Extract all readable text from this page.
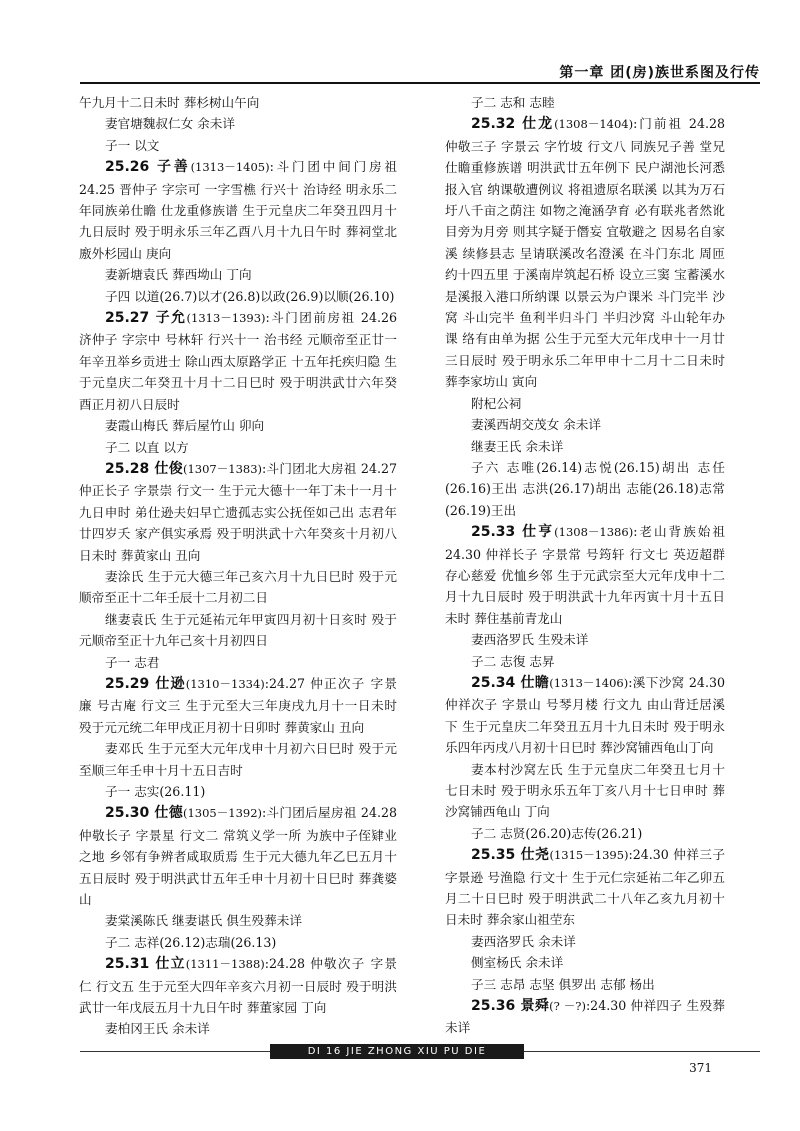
第一章 团(房)族世系图及行传

午九月十二日未时 葬杉树山午向

妻官塘魏叔仁女 余未详

子一 以文

25.26 子善(1313－1405):斗门团中间门房祖 24.25 晋仲子 字宗可 一字雪樵 行兴十 治诗经 明永乐二年同族弟仕瞻 仕龙重修族谱 生于元皇庆二年癸丑四月十九日辰时 殁于明永乐三年乙酉八月十九日午时 葬祠堂北廒外杉园山 庚向

妻新塘袁氏 葬西坳山 丁向

子四 以道(26.7)以才(26.8)以政(26.9)以顺(26.10)

25.27 子允(1313－1393):斗门团前房祖 24.26 济仲子 字宗中 号林轩 行兴十一 治书经 元顺帝至正廿一年辛丑举乡贡进士 除山西太原路学正 十五年托疾归隐 生于元皇庆二年癸丑十月十二日巳时 殁于明洪武廿六年癸酉正月初八日辰时

妻霞山梅氏 葬后屋竹山 卯向

子二 以直 以方

25.28 仕俊(1307－1383):斗门团北大房祖 24.27 仲正长子 字景崇 行文一 生于元大德十一年丁未十一月十九日申时 弟仕逊夫妇早亡遗孤志实公抚侄如己出 志君年廿四岁夭 家产俱实承焉 殁于明洪武十六年癸亥十月初八日未时 葬黄家山 丑向

妻涂氏 生于元大德三年己亥六月十九日巳时 殁于元顺帝至正十二年壬辰十二月初二日

继妻袁氏 生于元延祐元年甲寅四月初十日亥时 殁于元顺帝至正十九年己亥十月初四日

子一 志君

25.29 仕逊(1310－1334):24.27 仲正次子 字景廉 号古庵 行文三 生于元至大三年庚戌九月十一日未时 殁于元元统二年甲戌正月初十日卯时 葬黄家山 丑向

妻邓氏 生于元至大元年戊申十月初六日巳时 殁于元至顺三年壬申十月十五日吉时

子一 志实(26.11)

25.30 仕德(1305－1392):斗门团后屋房祖 24.28 仲敬长子 字景星 行文二 常筑义学一所 为族中子侄肄业之地 乡邻有争辨者咸取质焉 生于元大德九年乙巳五月十五日辰时 殁于明洪武廿五年壬申十月初十日巳时 葬龚婆山

妻棠溪陈氏 继妻谌氏 俱生殁葬未详

子二 志祥(26.12)志瑞(26.13)

25.31 仕立(1311－1388):24.28 仲敬次子 字景仁 行文五 生于元至大四年辛亥六月初一日辰时 殁于明洪武廿一年戊辰五月十九日午时 葬董家园 丁向

妻柏冈王氏 余未详

子二 志和 志睦

25.32 仕龙(1308－1404):门前祖 24.28 仲敬三子 字景云 字竹坡 行文八 同族兄子善 堂兄仕瞻重修族谱 明洪武廿五年例下 民户湖池长河悉报入官 纳课敬遭例议 将祖遗原名联溪 以其为万石圩八千亩之荫注 如物之淹涵孕育 必有联兆者然讹目旁为月旁 则其字疑于僭妄 宜敬避之 因易名自家溪 续修县志 呈请联溪改名澄溪 在斗门东北 周匝约十四五里 于溪南岸筑起石桥 设立三窦 宝蓄溪水 是溪报入港口所纳课 以景云为户课米 斗门完半 沙窝 斗山完半 鱼利半归斗门 半归沙窝 斗山轮年办课 络有由单为据 公生于元至大元年戊申十一月廿三日辰时 殁于明永乐二年甲申十二月十二日未时 葬李家坊山 寅向

附杞公祠

妻溪西胡交茂女 余未详

继妻王氏 余未详

子六 志唯(26.14)志悦(26.15)胡出 志任(26.16)王出 志洪(26.17)胡出 志能(26.18)志常(26.19)王出

25.33 仕亨(1308－1386):老山背族始祖 24.30 仲祥长子 字景常 号筠轩 行文七 英迈超群 存心慈爱 优恤乡邻 生于元武宗至大元年戊申十二月十九日辰时 殁于明洪武十九年丙寅十月十五日未时 葬住基前青龙山

妻西洛罗氏 生殁未详

子二 志復 志昇

25.34 仕瞻(1313－1406):溪下沙窝 24.30 仲祥次子 字景山 号琴月楼 行文九 由山背迁居溪下 生于元皇庆二年癸丑五月十九日未时 殁于明永乐四年丙戌八月初十日巳时 葬沙窝铺西龟山丁向

妻本村沙窝左氏 生于元皇庆二年癸丑七月十七日未时 殁于明永乐五年丁亥八月十七日申时 葬沙窝铺西龟山 丁向

子二 志贤(26.20)志传(26.21)

25.35 仕尧(1315－1395):24.30 仲祥三子 字景逊 号渔隐 行文十 生于元仁宗延祐二年乙卯五月二十日巳时 殁于明洪武二十八年乙亥九月初十日未时 葬余家山祖茔东

妻西洛罗氏 余未详

侧室杨氏 余未详

子三 志昂 志坚 俱罗出 志郁 杨出

25.36 景舜(? －?):24.30 仲祥四子 生殁葬未详

DI 16 JIE ZHONG XIU PU DIE
371
